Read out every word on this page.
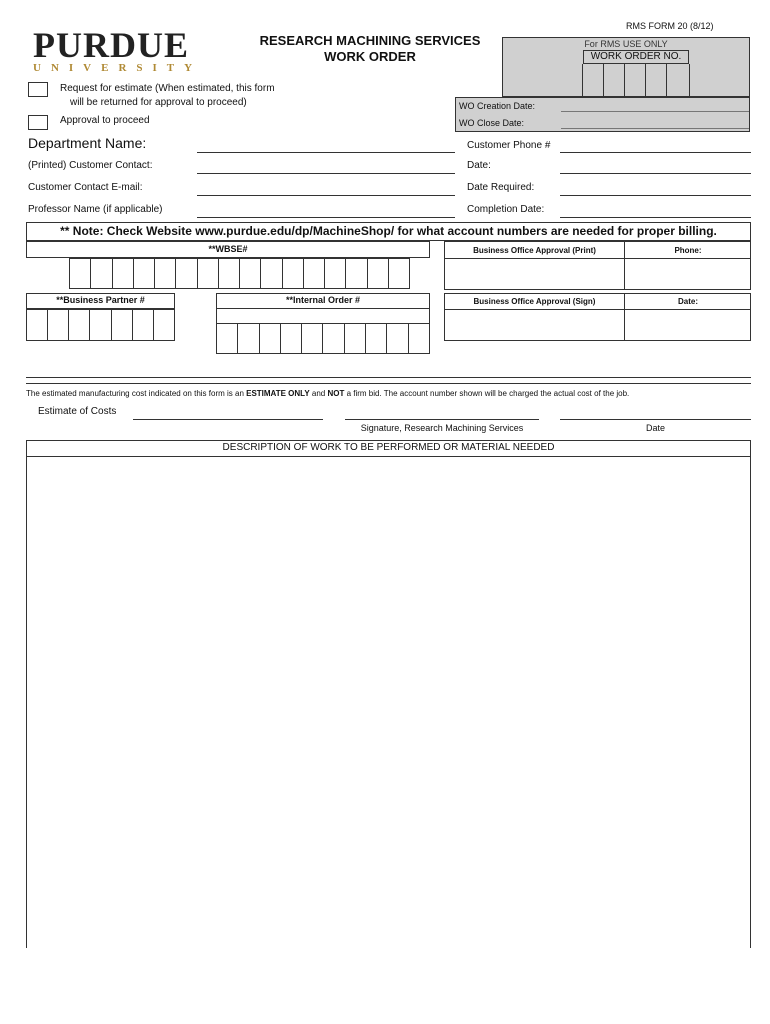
RMS FORM 20 (8/12)
PURDUE
UNIVERSITY
RESEARCH MACHINING SERVICES
WORK ORDER
For RMS USE ONLY
WORK ORDER NO.
WO Creation Date:
WO Close Date:
Request for estimate (When estimated, this form
will be returned for approval to proceed)
Approval to proceed
Department Name:	Customer Phone #
(Printed) Customer Contact:	Date:
Customer Contact E-mail:	Date Required:
Professor Name (if applicable)	Completion Date:
** Note: Check Website www.purdue.edu/dp/MachineShop/ for what account numbers are needed for proper billing.
**WBSE#	Business Office Approval (Print)	Phone:
**Business Partner #	**Internal Order #	Business Office Approval (Sign)	Date:
The estimated manufacturing cost indicated on this form is an ESTIMATE ONLY and NOT a firm bid. The account number shown will be charged the actual cost of the job.
Estimate of Costs
Signature, Research Machining Services	Date
DESCRIPTION OF WORK TO BE PERFORMED OR MATERIAL NEEDED
